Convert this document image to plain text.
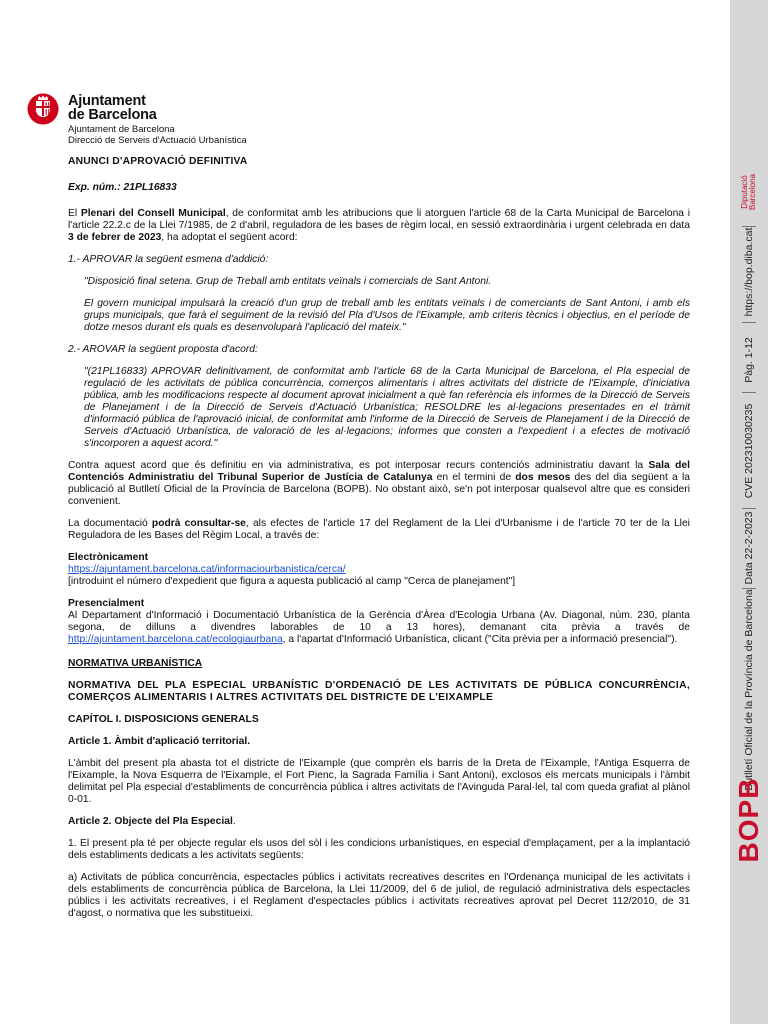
Ajuntament
de Barcelona
Ajuntament de Barcelona
Direcció de Serveis d'Actuació Urbanística

ANUNCI D'APROVACIÓ DEFINITIVA

Exp. núm.: 21PL16833

El Plenari del Consell Municipal, de conformitat amb les atribucions que li atorguen l'article 68 de la Carta Municipal de Barcelona i l'article 22.2.c de la Llei 7/1985, de 2 d'abril, reguladora de les bases de règim local, en sessió extraordinària i urgent celebrada en data 3 de febrer de 2023, ha adoptat el següent acord:

1.- APROVAR la següent esmena d'addició:

"Disposició final setena. Grup de Treball amb entitats veïnals i comercials de Sant Antoni.

El govern municipal impulsarà la creació d'un grup de treball amb les entitats veïnals i de comerciants de Sant Antoni, i amb els grups municipals, que farà el seguiment de la revisió del Pla d'Usos de l'Eixample, amb criteris tècnics i objectius, en el període de dotze mesos durant els quals es desenvoluparà l'aplicació del mateix."

2.- AROVAR la següent proposta d'acord:

"(21PL16833) APROVAR definitivament, de conformitat amb l'article 68 de la Carta Municipal de Barcelona, el Pla especial de regulació de les activitats de pública concurrència, comerços alimentaris i altres activitats del districte de l'Eixample, d'iniciativa pública, amb les modificacions respecte al document aprovat inicialment a què fan referència els informes de la Direcció de Serveis de Planejament i de la Direcció de Serveis d'Actuació Urbanística; RESOLDRE les al·legacions presentades en el tràmit d'informació pública de l'aprovació inicial, de conformitat amb l'informe de la Direcció de Serveis de Planejament i de la Direcció de Serveis d'Actuació Urbanística, de valoració de les al·legacions; informes que consten a l'expedient i a efectes de motivació s'incorporen a aquest acord."

Contra aquest acord que és definitiu en via administrativa, es pot interposar recurs contenciós administratiu davant la Sala del Contenciós Administratiu del Tribunal Superior de Justícia de Catalunya en el termini de dos mesos des del dia següent a la publicació al Butlletí Oficial de la Província de Barcelona (BOPB). No obstant això, se'n pot interposar qualsevol altre que es consideri convenient.

La documentació podrà consultar-se, als efectes de l'article 17 del Reglament de la Llei d'Urbanisme i de l'article 70 ter de la Llei Reguladora de les Bases del Règim Local, a través de:

Electrònicament

https://ajuntament.barcelona.cat/informaciourbanistica/cerca/

[introduint el número d'expedient que figura a aquesta publicació al camp "Cerca de planejament"]

Presencialment

Al Departament d'Informació i Documentació Urbanística de la Gerència d'Àrea d'Ecologia Urbana (Av. Diagonal, núm. 230, planta segona, de dilluns a divendres laborables de 10 a 13 hores), demanant cita prèvia a través de http://ajuntament.barcelona.cat/ecologiaurbana, a l'apartat d'Informació Urbanística, clicant ("Cita prèvia per a informació presencial").

NORMATIVA URBANÍSTICA

NORMATIVA DEL PLA ESPECIAL URBANÍSTIC D'ORDENACIÓ DE LES ACTIVITATS DE PÚBLICA CONCURRÈNCIA, COMERÇOS ALIMENTARIS I ALTRES ACTIVITATS DEL DISTRICTE DE L'EIXAMPLE

CAPÍTOL I. DISPOSICIONS GENERALS

Article 1. Àmbit d'aplicació territorial.

L'àmbit del present pla abasta tot el districte de l'Eixample (que comprèn els barris de la Dreta de l'Eixample, l'Antiga Esquerra de l'Eixample, la Nova Esquerra de l'Eixample, el Fort Pienc, la Sagrada Família i Sant Antoni), exclosos els mercats municipals i l'àmbit delimitat pel Pla especial d'establiments de concurrència pública i altres activitats de l'Avinguda Paral·lel, tal com queda grafiat al plànol 0-01.

Article 2. Objecte del Pla Especial.

1. El present pla té per objecte regular els usos del sòl i les condicions urbanístiques, en especial d'emplaçament, per a la implantació dels establiments dedicats a les activitats següents:

a) Activitats de pública concurrència, espectacles públics i activitats recreatives descrites en l'Ordenança municipal de les activitats i dels establiments de concurrència pública de Barcelona, la Llei 11/2009, del 6 de juliol, de regulació administrativa dels espectacles públics i les activitats recreatives, i el Reglament d'espectacles públics i activitats recreatives aprovat pel Decret 112/2010, de 31 d'agost, o normativa que les substitueixi.

Diputació Barcelona
https://bop.diba.cat
Pàg. 1-12
CVE 202310030235
Data 22-2-2023
Butlletí Oficial de la Província de Barcelona
BOPB
